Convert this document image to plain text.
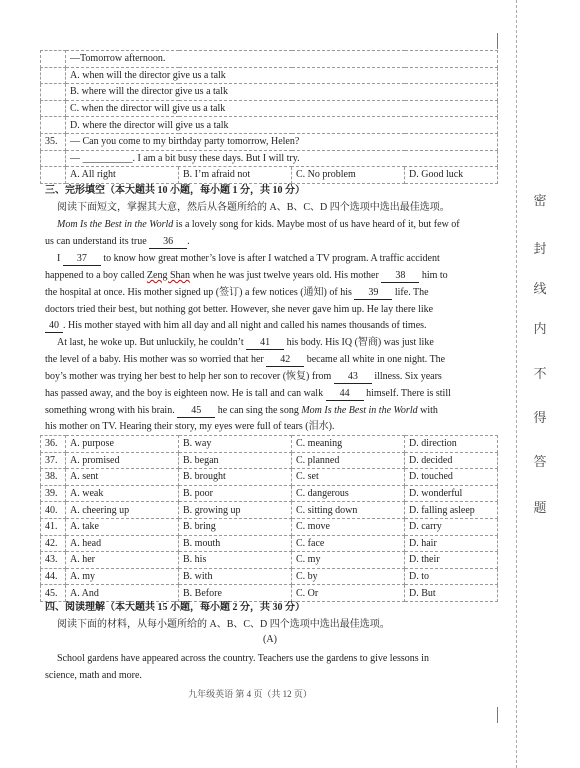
	—Tomorrow afternoon.			
	A. when will the director give us a talk			
	B. where will the director give us a talk			
	C. when the director will give us a talk			
	D. where the director will give us a talk			
35.	— Can you come to my birthday party tomorrow, Helen?			
	— __________. I am a bit busy these days. But I will try.			
	A. All right	B. I’m afraid not	C. No problem	D. Good luck
三、完形填空（本大题共 10 小题，每小题 1 分，共 10 分）
阅读下面短文，掌握其大意，然后从各题所给的 A、B、C、D 四个选项中选出最佳选项。
Mom Is the Best in the World is a lovely song for kids. Maybe most of us have heard of it, but few of
us can understand its true 36 .
I 37 to know how great mother’s love is after I watched a TV program. A traffic accident
happened to a boy called Zeng Shan when he was just twelve years old. His mother 38 him to
the hospital at once. His mother signed up (签订) a few notices (通知) of his 39 life. The
doctors tried their best, but nothing got better. However, she never gave him up. He lay there like
40 . His mother stayed with him all day and all night and called his names thousands of times.
At last, he woke up. But unluckily, he couldn’t 41 his body. His IQ (智商) was just like
the level of a baby. His mother was so worried that her 42 became all white in one night. The
boy’s mother was trying her best to help her son to recover (恢复) from 43 illness. Six years
has passed away, and the boy is eighteen now. He is tall and can walk 44 himself. There is still
something wrong with his brain. 45 he can sing the song Mom Is the Best in the World with
his mother on TV. Hearing their story, my eyes were full of tears (泪水).
36.	A. purpose	B. way	C. meaning	D. direction
37.	A. promised	B. began	C. planned	D. decided
38.	A. sent	B. brought	C. set	D. touched
39.	A. weak	B. poor	C. dangerous	D. wonderful
40.	A. cheering up	B. growing up	C. sitting down	D. falling asleep
41.	A. take	B. bring	C. move	D. carry
42.	A. head	B. mouth	C. face	D. hair
43.	A. her	B. his	C. my	D. their
44.	A. my	B. with	C. by	D. to
45.	A. And	B. Before	C. Or	D. But
四、阅读理解（本大题共 15 小题，每小题 2 分，共 30 分）
阅读下面的材料，从每小题所给的 A、B、C、D 四个选项中选出最佳选项。
(A)
School gardens have appeared across the country. Teachers use the gardens to give lessons in
science, math and more.
九年级英语 第 4 页（共 12 页）
密
封
线
内
不
得
答
题
